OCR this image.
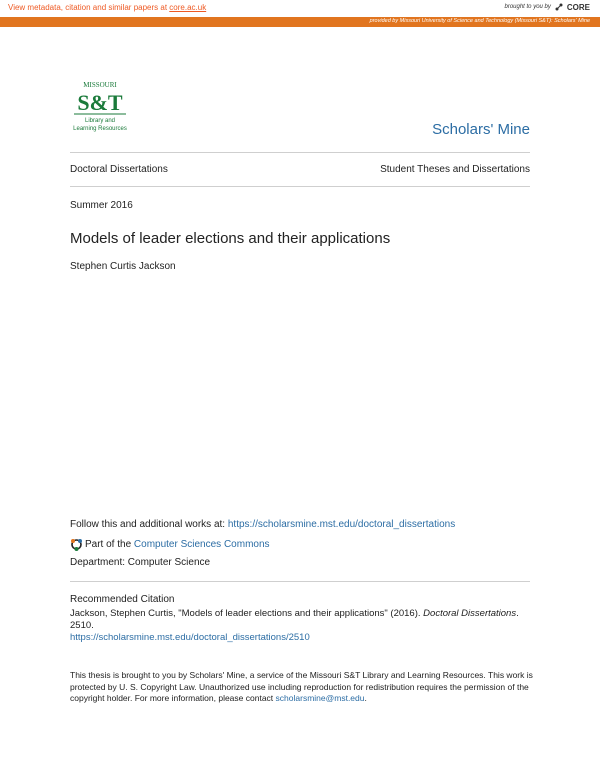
View metadata, citation and similar papers at core.ac.uk	brought to you by CORE
provided by Missouri University of Science and Technology (Missouri S&T): Scholars' Mine
MISSOURI
S&T
Library and
Learning Resources	Scholars' Mine
Doctoral Dissertations	Student Theses and Dissertations
Summer 2016
Models of leader elections and their applications
Stephen Curtis Jackson
Follow this and additional works at: https://scholarsmine.mst.edu/doctoral_dissertations
Part of the Computer Sciences Commons
Department: Computer Science
Recommended Citation
Jackson, Stephen Curtis, "Models of leader elections and their applications" (2016). Doctoral Dissertations. 2510.
https://scholarsmine.mst.edu/doctoral_dissertations/2510
This thesis is brought to you by Scholars' Mine, a service of the Missouri S&T Library and Learning Resources. This work is protected by U. S. Copyright Law. Unauthorized use including reproduction for redistribution requires the permission of the copyright holder. For more information, please contact scholarsmine@mst.edu.
